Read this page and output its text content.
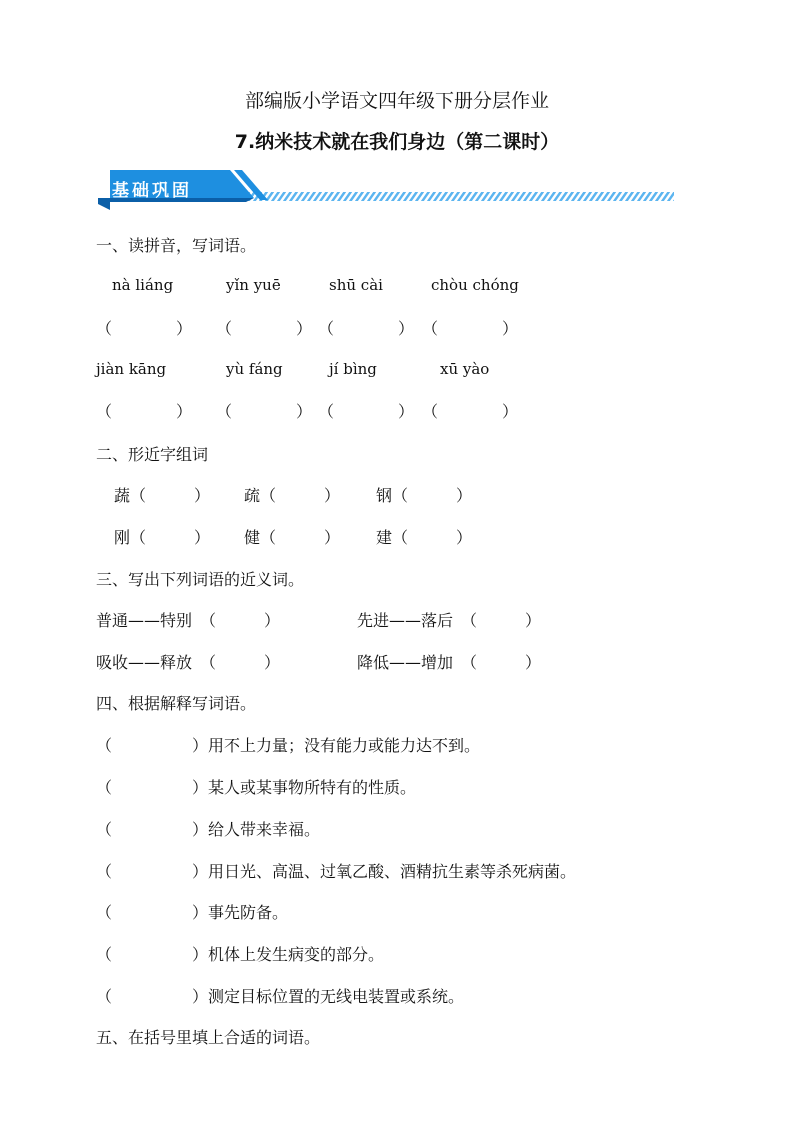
部编版小学语文四年级下册分层作业
7.纳米技术就在我们身边（第二课时）
基础巩固
一、读拼音，写词语。
nà liáng	yǐn yuē	shū cài	chòu chóng
（　　　　） （　　　　） （　　　　） （　　　　）
jiàn kāng	yù fáng	jí bìng	xū yào
（　　　　） （　　　　） （　　　　） （　　　　）
二、形近字组词
蔬（　　　） 疏（　　　） 钢（　　　）
刚（　　　） 健（　　　） 建（　　　）
三、写出下列词语的近义词。
普通——特别　（　　　）	先进——落后　（　　　）
吸收——释放　（　　　）	降低——增加　（　　　）
四、根据解释写词语。
（　　　　　）用不上力量；没有能力或能力达不到。
（　　　　　）某人或某事物所特有的性质。
（　　　　　）给人带来幸福。
（　　　　　）用日光、高温、过氧乙酸、酒精抗生素等杀死病菌。
（　　　　　）事先防备。
（　　　　　）机体上发生病变的部分。
（　　　　　）测定目标位置的无线电装置或系统。
五、在括号里填上合适的词语。
